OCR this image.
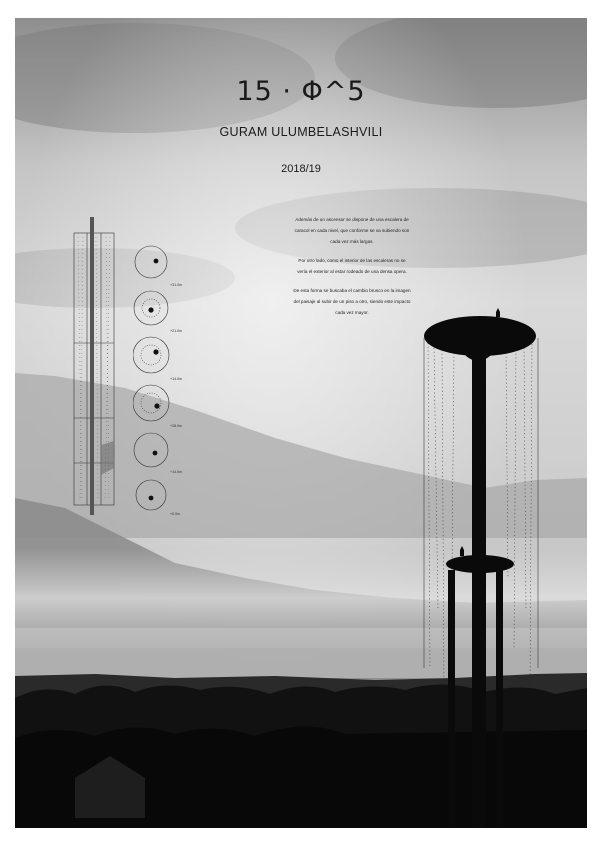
15 · Φ^5
GURAM ULUMBELASHVILI
2018/19

Además de un ascensor se dispone de una escalera de caracol en cada nivel, que conforme se va subiendo son cada vez más largas.

Por otro lado, como el interior de las escaleras no se vería el exterior al estar rodeado de una densa opera.

De esta forma se buscaba el cambio brusco en la imagen del paisaje al subir de un piso a otro, siendo este impacto cada vez mayor.

+31.0m
+21.0m
+14.0m
+28.0m
+14.0m
+0.0m
